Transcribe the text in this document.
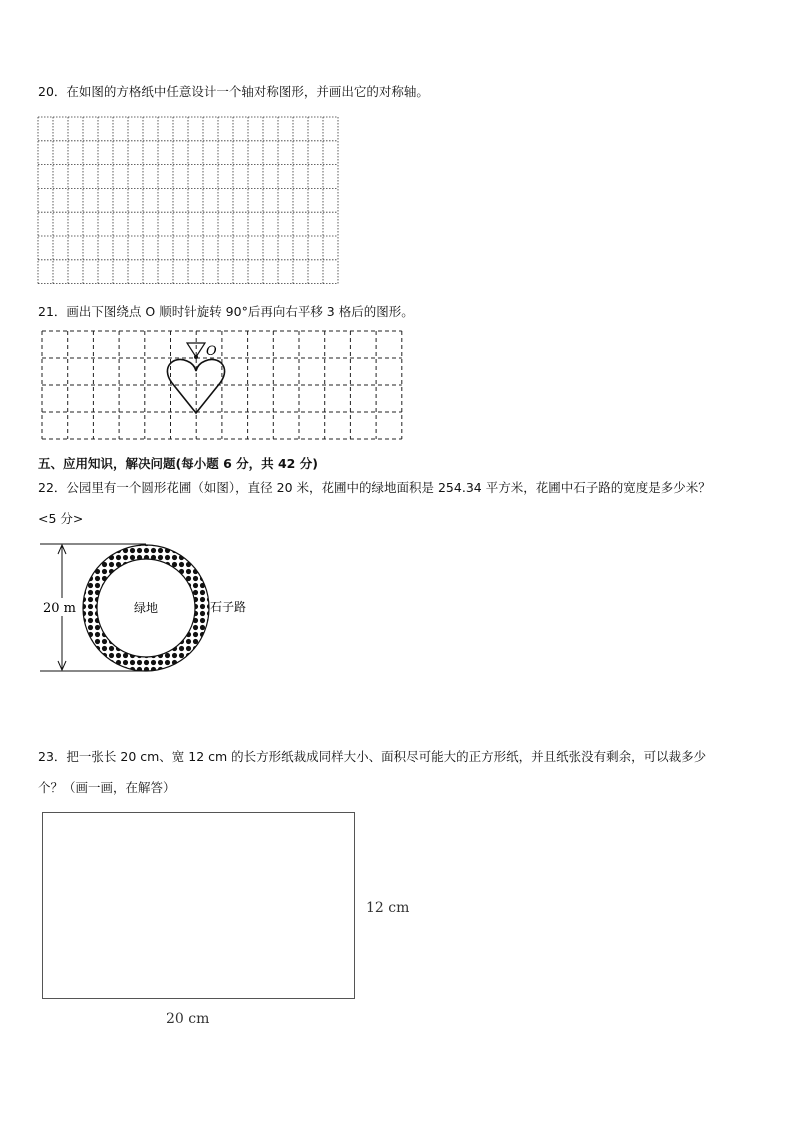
20．在如图的方格纸中任意设计一个轴对称图形，并画出它的对称轴。
21．画出下图绕点 O 顺时针旋转 90°后再向右平移 3 格后的图形。
O
五、应用知识，解决问题(每小题 6 分，共 42 分)
22．公园里有一个圆形花圃（如图），直径 20 米，花圃中的绿地面积是 254.34 平方米，花圃中石子路的宽度是多少米？
<5 分>
20 m	绿地	石子路
23．把一张长 20 cm、宽 12 cm 的长方形纸裁成同样大小、面积尽可能大的正方形纸，并且纸张没有剩余，可以裁多少
个？（画一画，在解答）
12 cm
20 cm
